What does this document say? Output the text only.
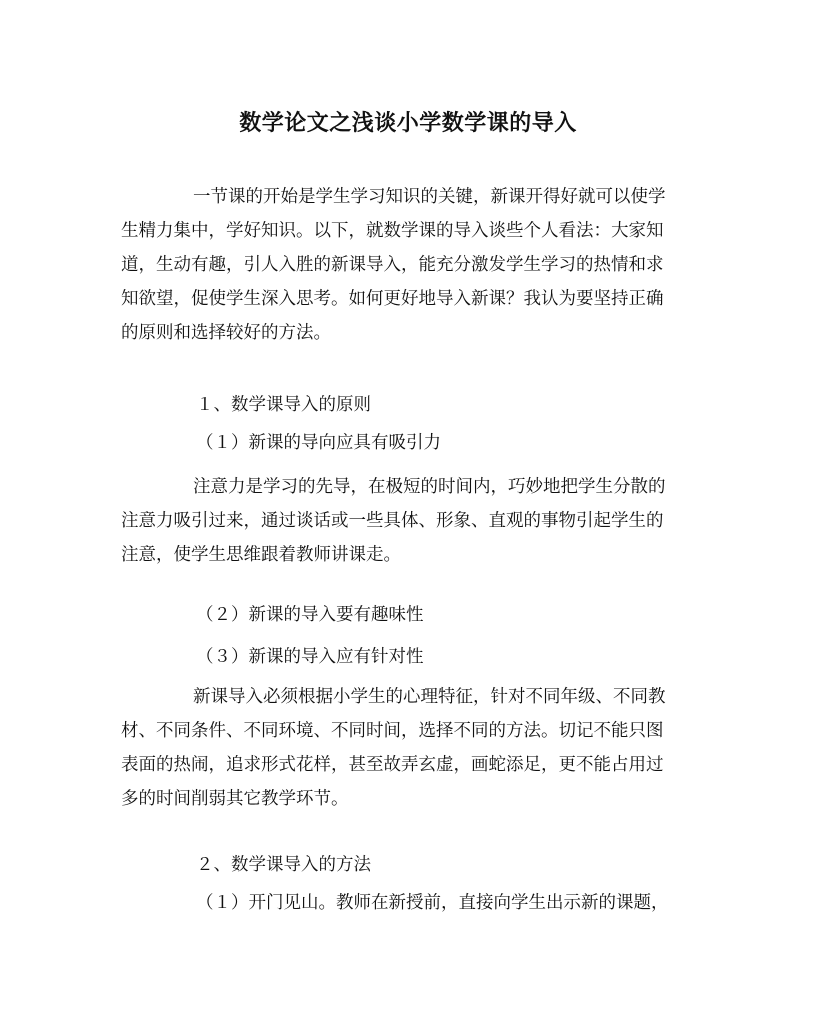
数学论文之浅谈小学数学课的导入
一节课的开始是学生学习知识的关键，新课开得好就可以使学
生精力集中，学好知识。以下，就数学课的导入谈些个人看法：大家知
道，生动有趣，引人入胜的新课导入，能充分激发学生学习的热情和求
知欲望，促使学生深入思考。如何更好地导入新课？我认为要坚持正确
的原则和选择较好的方法。
１、数学课导入的原则
（１）新课的导向应具有吸引力
注意力是学习的先导，在极短的时间内，巧妙地把学生分散的
注意力吸引过来，通过谈话或一些具体、形象、直观的事物引起学生的
注意，使学生思维跟着教师讲课走。
（２）新课的导入要有趣味性
（３）新课的导入应有针对性
新课导入必须根据小学生的心理特征，针对不同年级、不同教
材、不同条件、不同环境、不同时间，选择不同的方法。切记不能只图
表面的热闹，追求形式花样，甚至故弄玄虚，画蛇添足，更不能占用过
多的时间削弱其它教学环节。
２、数学课导入的方法
（１）开门见山。教师在新授前，直接向学生出示新的课题，
